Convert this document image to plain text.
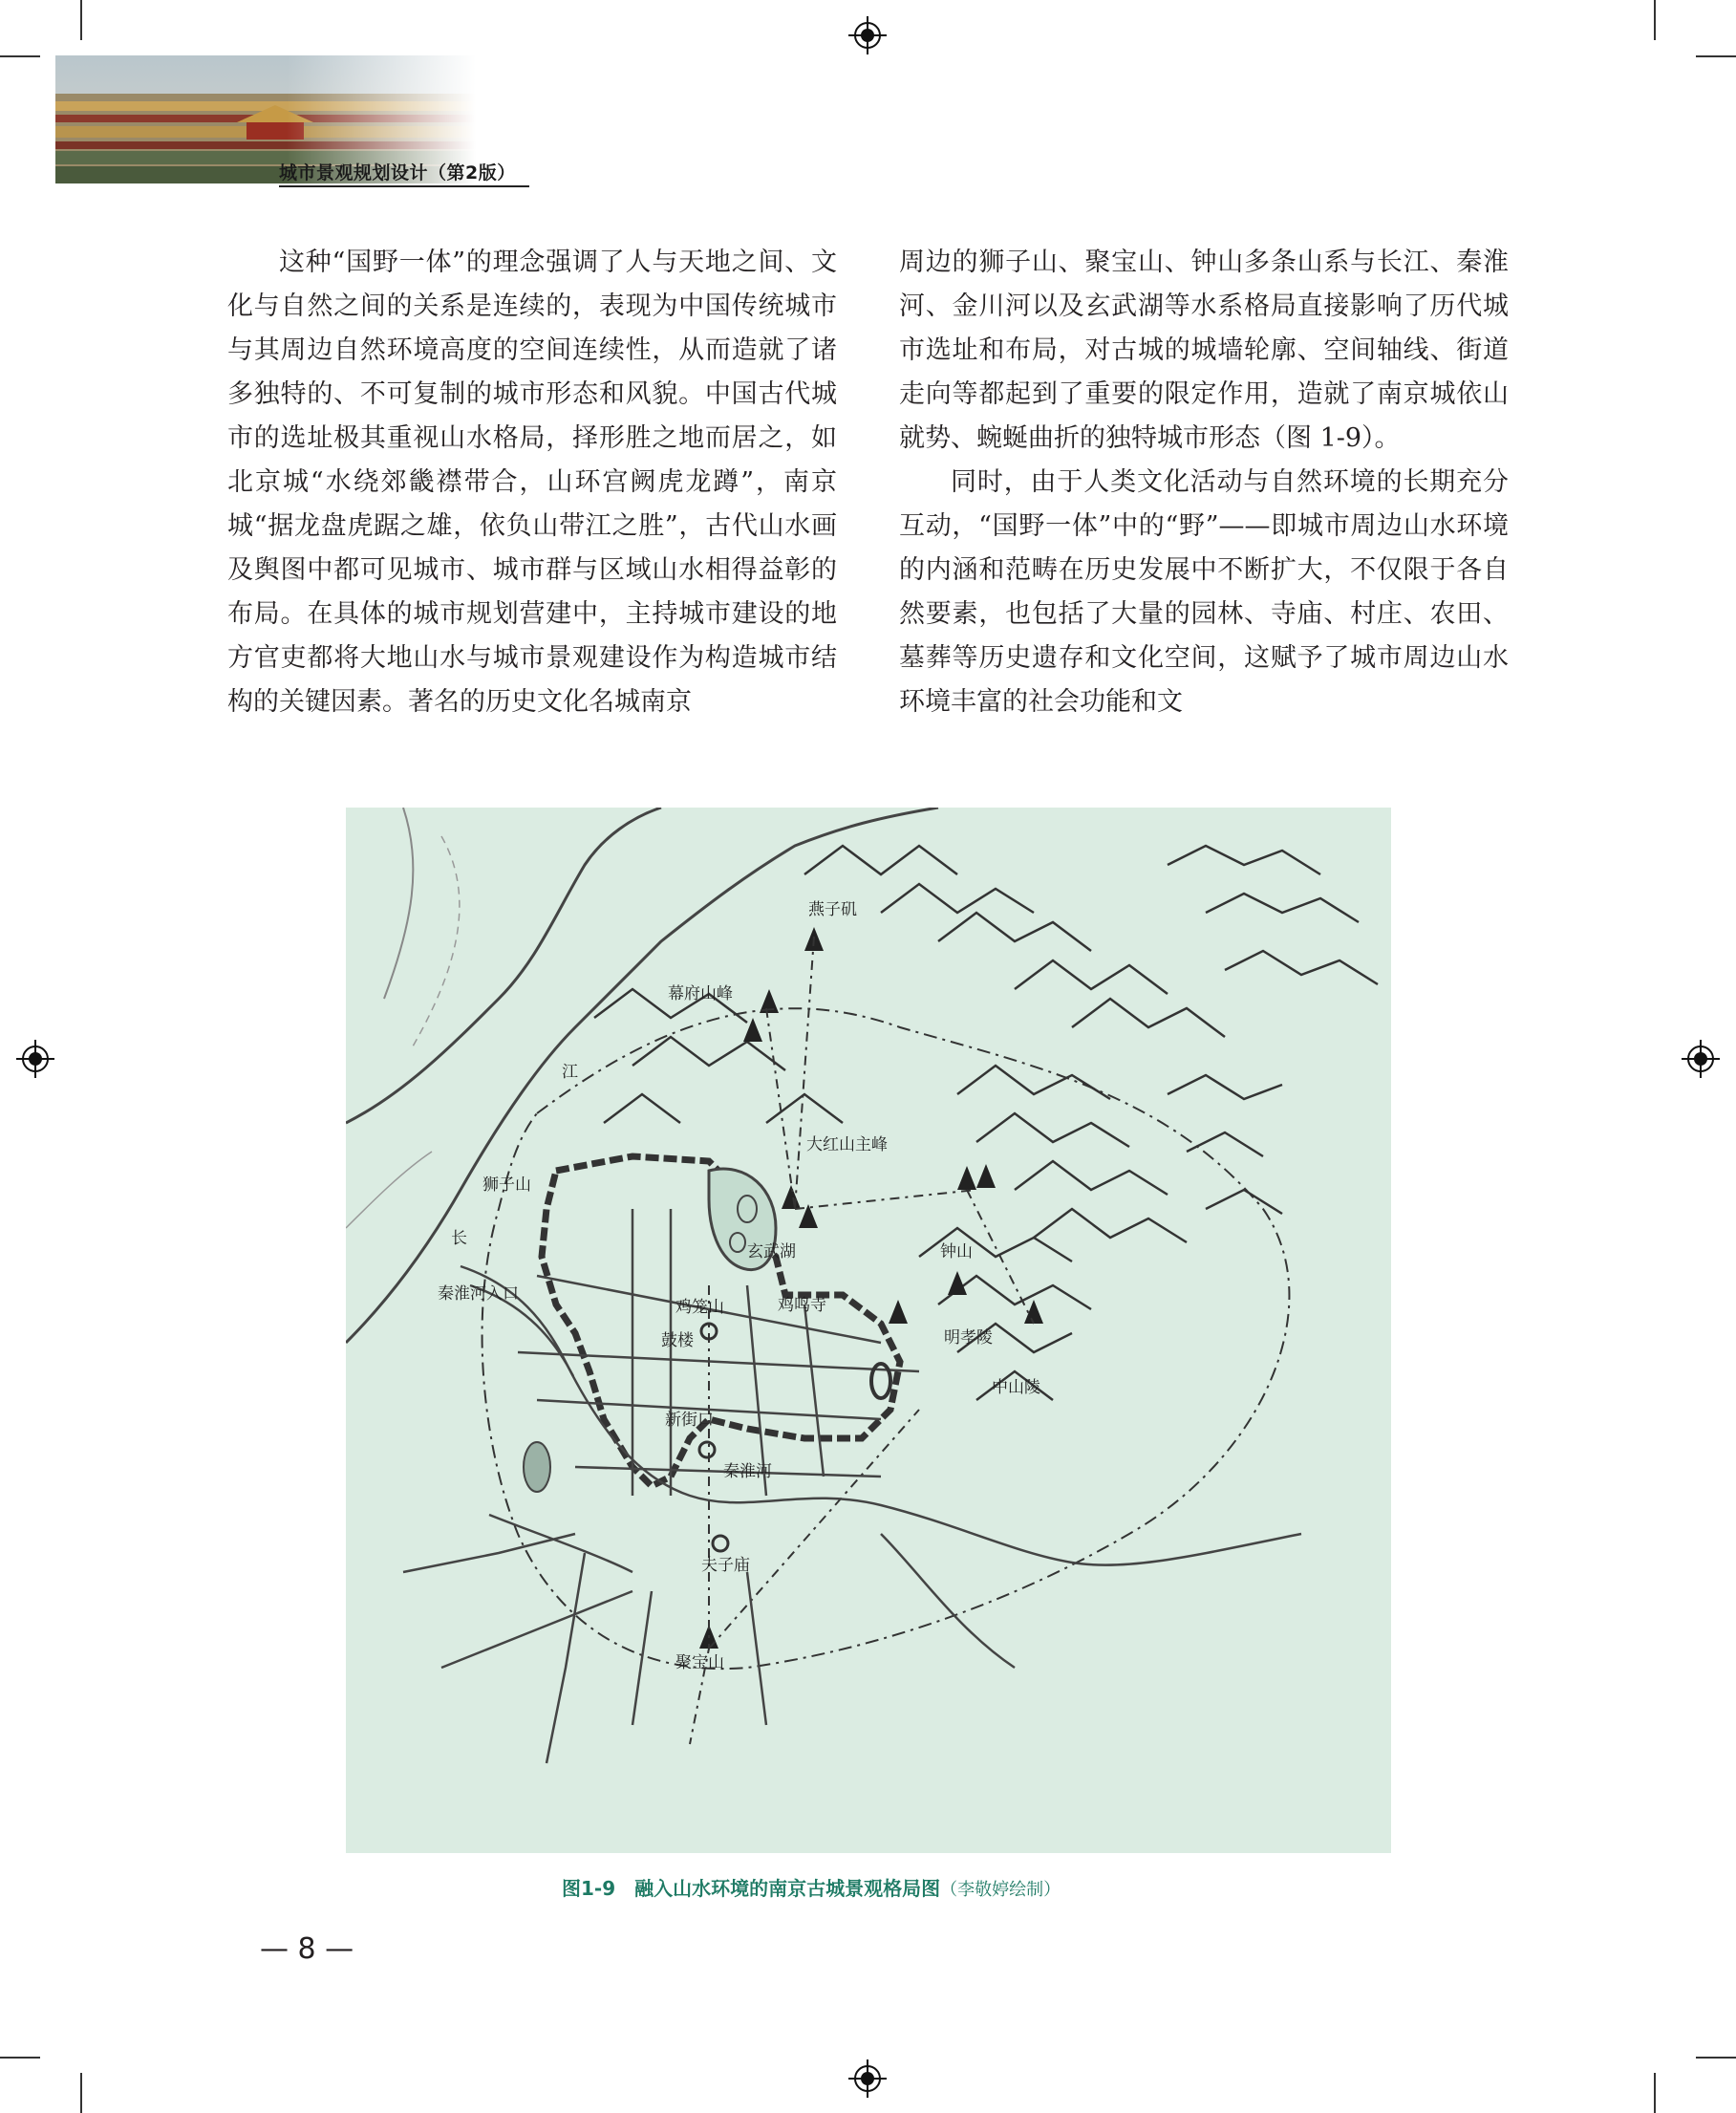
城市景观规划设计（第2版）

这种“国野一体”的理念强调了人与天地之间、文化与自然之间的关系是连续的，表现为中国传统城市与其周边自然环境高度的空间连续性，从而造就了诸多独特的、不可复制的城市形态和风貌。中国古代城市的选址极其重视山水格局，择形胜之地而居之，如北京城“水绕郊畿襟带合，山环宫阙虎龙蹲”，南京城“据龙盘虎踞之雄，依负山带江之胜”，古代山水画及舆图中都可见城市、城市群与区域山水相得益彰的布局。在具体的城市规划营建中，主持城市建设的地方官吏都将大地山水与城市景观建设作为构造城市结构的关键因素。著名的历史文化名城南京

周边的狮子山、聚宝山、钟山多条山系与长江、秦淮河、金川河以及玄武湖等水系格局直接影响了历代城市选址和布局，对古城的城墙轮廓、空间轴线、街道走向等都起到了重要的限定作用，造就了南京城依山就势、蜿蜒曲折的独特城市形态（图 1-9）。

同时，由于人类文化活动与自然环境的长期充分互动，“国野一体”中的“野”——即城市周边山水环境的内涵和范畴在历史发展中不断扩大，不仅限于各自然要素，也包括了大量的园林、寺庙、村庄、农田、墓葬等历史遗存和文化空间，这赋予了城市周边山水环境丰富的社会功能和文

燕子矶
幕府山峰
江
大红山主峰
狮子山
长
玄武湖	钟山
秦淮河入口
鸡笼山	鸡鸣寺
鼓楼	明孝陵
中山陵
新街口
秦淮河
夫子庙
聚宝山
图1-9　融入山水环境的南京古城景观格局图（李敬婷绘制）
— 8 —
